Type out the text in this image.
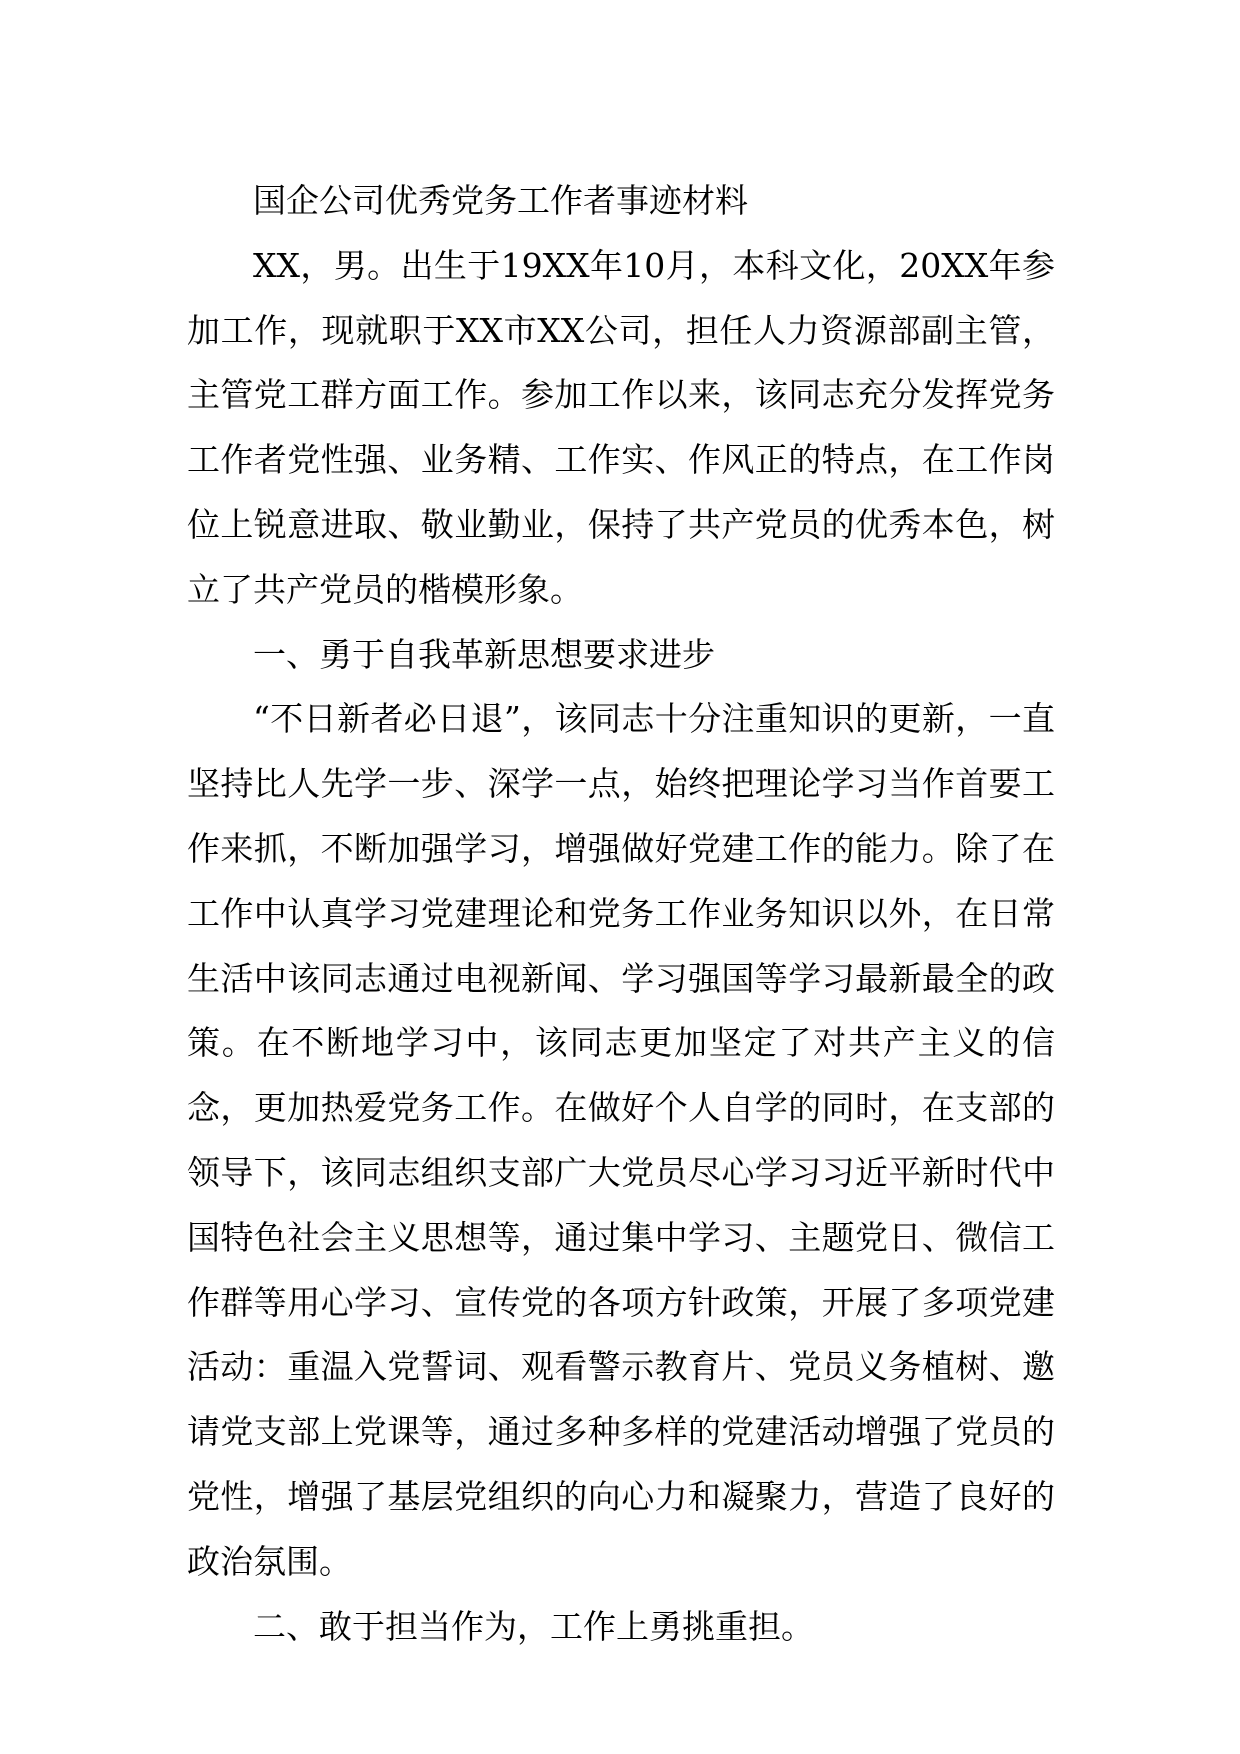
国企公司优秀党务工作者事迹材料

XX，男。出生于19XX年10月，本科文化，20XX年参加工作，现就职于XX市XX公司，担任人力资源部副主管，主管党工群方面工作。参加工作以来，该同志充分发挥党务工作者党性强、业务精、工作实、作风正的特点，在工作岗位上锐意进取、敬业勤业，保持了共产党员的优秀本色，树立了共产党员的楷模形象。

一、勇于自我革新思想要求进步

“不日新者必日退”，该同志十分注重知识的更新，一直坚持比人先学一步、深学一点，始终把理论学习当作首要工作来抓，不断加强学习，增强做好党建工作的能力。除了在工作中认真学习党建理论和党务工作业务知识以外，在日常生活中该同志通过电视新闻、学习强国等学习最新最全的政策。在不断地学习中，该同志更加坚定了对共产主义的信念，更加热爱党务工作。在做好个人自学的同时，在支部的领导下，该同志组织支部广大党员尽心学习习近平新时代中国特色社会主义思想等，通过集中学习、主题党日、微信工作群等用心学习、宣传党的各项方针政策，开展了多项党建活动：重温入党誓词、观看警示教育片、党员义务植树、邀请党支部上党课等，通过多种多样的党建活动增强了党员的党性，增强了基层党组织的向心力和凝聚力，营造了良好的政治氛围。

二、敢于担当作为，工作上勇挑重担。
